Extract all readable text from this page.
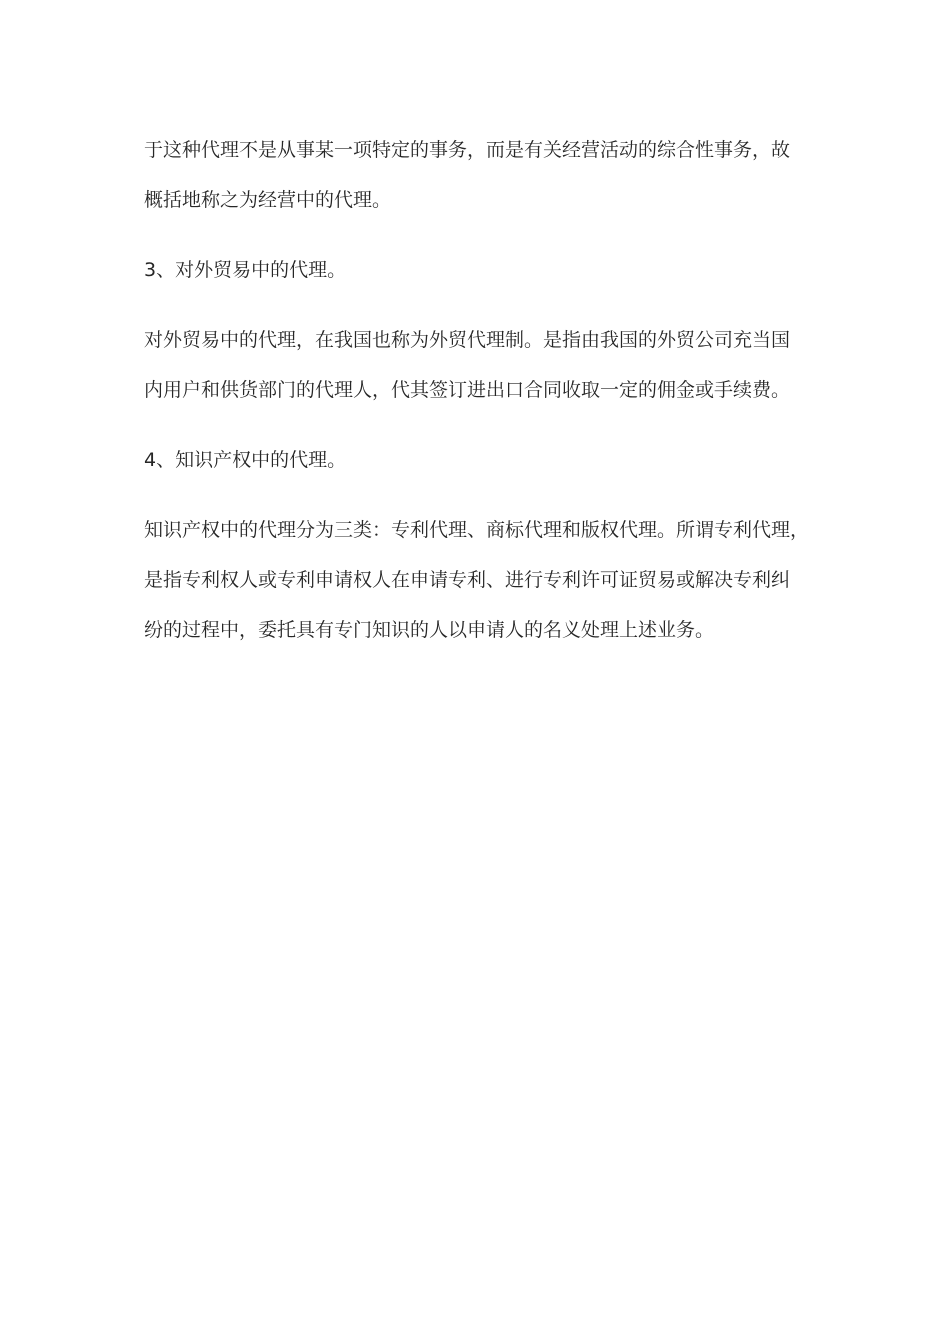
于这种代理不是从事某一项特定的事务，而是有关经营活动的综合性事务，故
概括地称之为经营中的代理。
3、对外贸易中的代理。
对外贸易中的代理，在我国也称为外贸代理制。是指由我国的外贸公司充当国
内用户和供货部门的代理人，代其签订进出口合同收取一定的佣金或手续费。
4、知识产权中的代理。
知识产权中的代理分为三类：专利代理、商标代理和版权代理。所谓专利代理，
是指专利权人或专利申请权人在申请专利、进行专利许可证贸易或解决专利纠
纷的过程中，委托具有专门知识的人以申请人的名义处理上述业务。
